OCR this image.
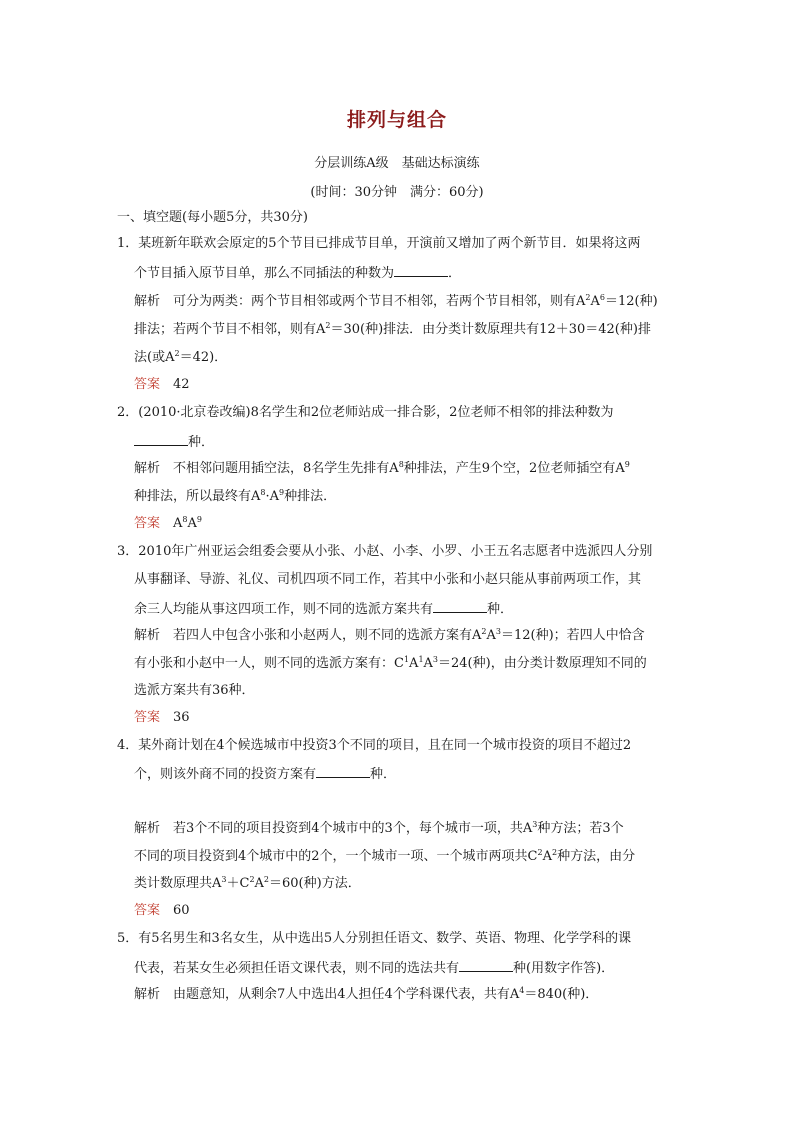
排列与组合
分层训练A级　基础达标演练
(时间：30分钟　满分：60分)
一、填空题(每小题5分，共30分)
1．某班新年联欢会原定的5个节目已排成节目单，开演前又增加了两个新节目．如果将这两
个节目插入原节目单，那么不同插法的种数为	．
解析　可分为两类：两个节目相邻或两个节目不相邻，若两个节目相邻，则有$A^2A^6=12$(种)
排法；若两个节目不相邻，则有$A^2=30$(种)排法．由分类计数原理共有12＋30＝42(种)排
法(或$A^2=42$)．
答案　 42
2．(2010·北京卷改编)8名学生和2位老师站成一排合影，2位老师不相邻的排法种数为
种．
解析　不相邻问题用插空法，8名学生先排有$A^8$种排法，产生9个空，2位老师插空有$A^9$
种排法，所以最终有$A^8\cdot A^9$种排法．
答案　 $A^8A^9$
3．2010年广州亚运会组委会要从小张、小赵、小李、小罗、小王五名志愿者中选派四人分别
从事翻译、导游、礼仪、司机四项不同工作，若其中小张和小赵只能从事前两项工作，其
余三人均能从事这四项工作，则不同的选派方案共有	种．
解析　若四人中包含小张和小赵两人，则不同的选派方案有$A^2A^3=12$(种)；若四人中恰含
有小张和小赵中一人，则不同的选派方案有：$C^1A^1A^3=24$(种)，由分类计数原理知不同的
选派方案共有36种．
答案　 36
4．某外商计划在4个候选城市中投资3个不同的项目，且在同一个城市投资的项目不超过2
个，则该外商不同的投资方案有	种．
解析　若3个不同的项目投资到4个城市中的3个，每个城市一项，共$A^3$种方法；若3个
不同的项目投资到4个城市中的2个，一个城市一项、一个城市两项共$C^2A^2$种方法，由分
类计数原理共$A^3+C^2A^2=60$(种)方法．
答案　 60
5．有5名男生和3名女生，从中选出5人分别担任语文、数学、英语、物理、化学学科的课
代表，若某女生必须担任语文课代表，则不同的选法共有	种(用数字作答)．
解析　由题意知，从剩余7人中选出4人担任4个学科课代表，共有$A^4=840$(种)．
